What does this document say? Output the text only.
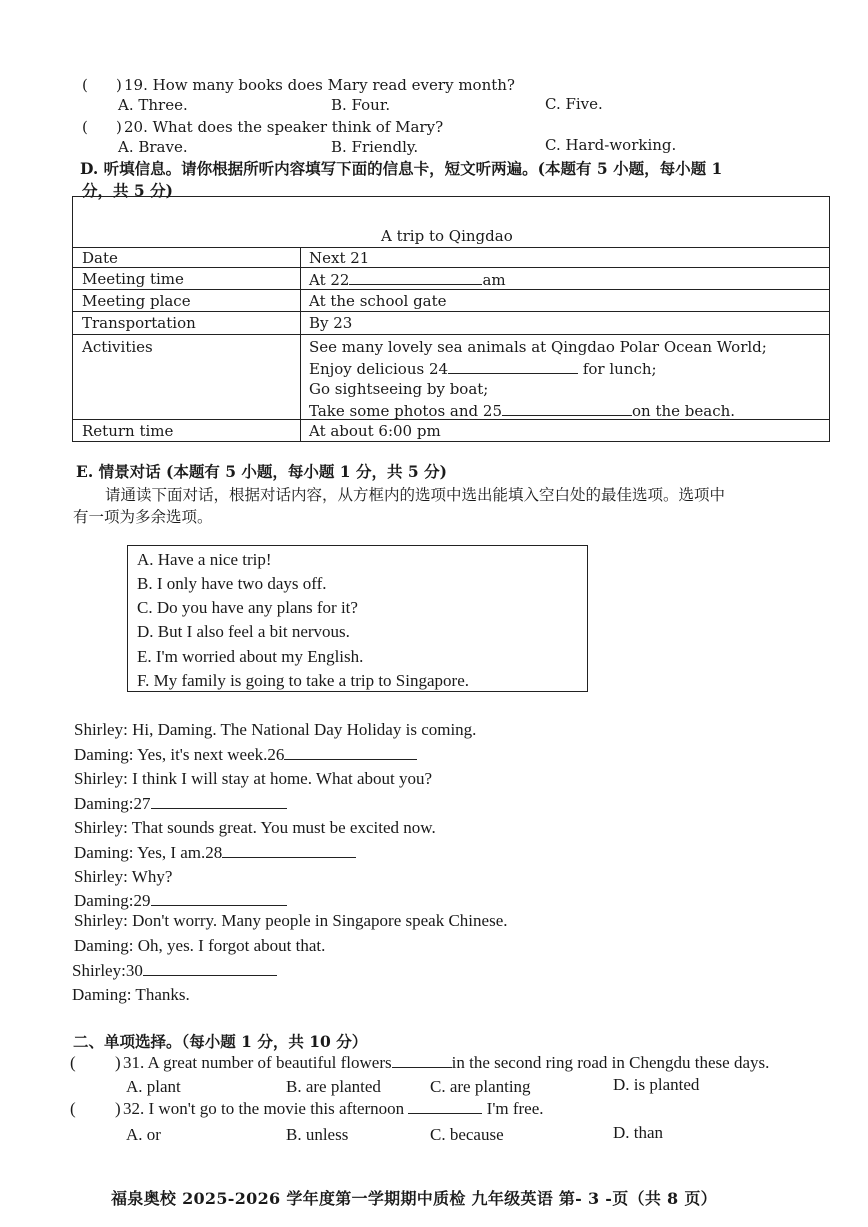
( ) 19. How many books does Mary read every month?
A. Three.	B. Four.	C. Five.
( ) 20. What does the speaker think of Mary?
A. Brave.	B. Friendly.	C. Hard-working.
D. 听填信息。请你根据所听内容填写下面的信息卡，短文听两遍。(本题有 5 小题，每小题 1
分，共 5 分)
A trip to Qingdao
Date	Next 21
Meeting time	At 22	am
Meeting place	At the school gate
Transportation	By 23
Activities	See many lovely sea animals at Qingdao Polar Ocean World;
Enjoy delicious 24	for lunch;
Go sightseeing by boat;
Take some photos and 25	on the beach.
Return time	At about 6:00 pm
E. 情景对话 (本题有 5 小题，每小题 1 分，共 5 分)
请通读下面对话，根据对话内容，从方框内的选项中选出能填入空白处的最佳选项。选项中
有一项为多余选项。
A. Have a nice trip!
B. I only have two days off.
C. Do you have any plans for it?
D. But I also feel a bit nervous.
E. I'm worried about my English.
F. My family is going to take a trip to Singapore.
Shirley: Hi, Daming. The National Day Holiday is coming.
Daming: Yes, it's next week.26
Shirley: I think I will stay at home. What about you?
Daming:27
Shirley: That sounds great. You must be excited now.
Daming: Yes, I am.28
Shirley: Why?
Daming:29
Shirley: Don't worry. Many people in Singapore speak Chinese.
Daming: Oh, yes. I forgot about that.
Shirley:30
Daming: Thanks.
二、单项选择。（每小题 1 分，共 10 分）
( ) 31. A great number of beautiful flowers	in the second ring road in Chengdu these days.
A. plant	B. are planted	C. are planting	D. is planted
( ) 32. I won't go to the movie this afternoon	I'm free.
A. or	B. unless	C. because	D. than
福泉奥校 2025-2026 学年度第一学期期中质检 九年级英语 第- 3 -页（共 8 页）
